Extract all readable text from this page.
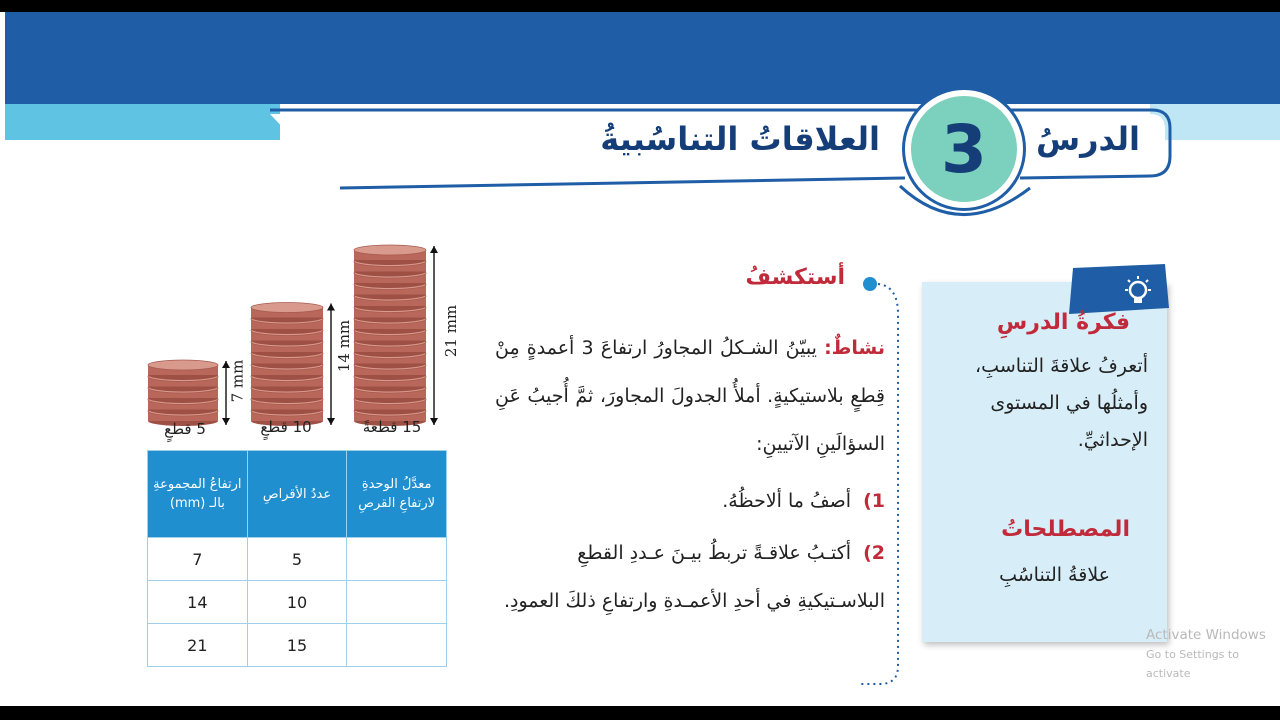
3 الدرسُ
العلاقاتُ التناسُبيةُ
فكرةُ الدرسِ
أتعرفُ علاقةَ التناسبِ، وأمثلُها في المستوى الإحداثيِّ.
المصطلحاتُ
علاقةُ التناسُبِ
أستكشفُ
نشاطٌ: يبيّنُ الشـكلُ المجاورُ ارتفاعَ 3 أعمدةٍ مِنْ قِطعٍ بلاستيكيةٍ. أملأُ الجدولَ المجاورَ، ثمَّ أُجيبُ عَنِ السؤالَينِ الآتيينِ:
1)أصفُ ما ألاحظُهُ.
2)أكتـبُ علاقـةً تربطُ بيـنَ عـددِ القطعِ البلاسـتيكيةِ في أحدِ الأعمـدةِ وارتفاعِ ذلكَ العمودِ.
5 قطعٍ	10 قطعٍ	15 قطعةً
7 mm
14 mm	21 mm
معدَّلُ الوحدةِ لارتفاعِ القرصِ	عددُ الأقراصِ	ارتفاعُ المجموعةِ بالـ (mm)
	5	7
	10	14
	15	21
Activate Windows
Go to Settings to activate
